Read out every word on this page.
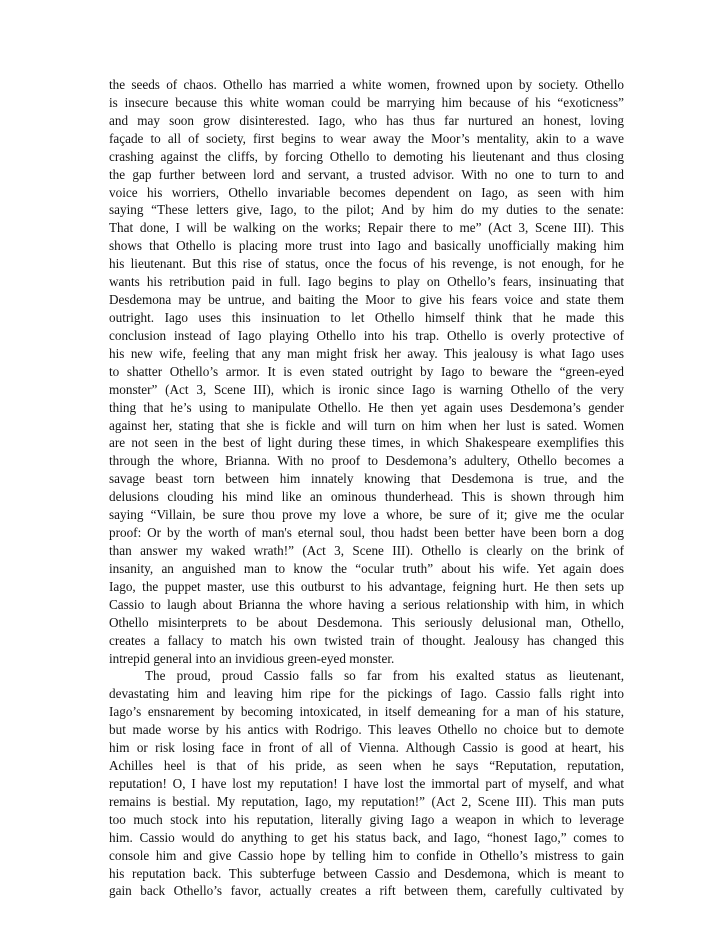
the seeds of chaos. Othello has married a white women, frowned upon by society. Othello
is insecure because this white woman could be marrying him because of his “exoticness”
and may soon grow disinterested. Iago, who has thus far nurtured an honest, loving
façade to all of society, first begins to wear away the Moor’s mentality, akin to a wave
crashing against the cliffs, by forcing Othello to demoting his lieutenant and thus closing
the gap further between lord and servant, a trusted advisor. With no one to turn to and
voice his worriers, Othello invariable becomes dependent on Iago, as seen with him
saying “These letters give, Iago, to the pilot; And by him do my duties to the senate:
That done, I will be walking on the works; Repair there to me” (Act 3, Scene III). This
shows that Othello is placing more trust into Iago and basically unofficially making him
his lieutenant. But this rise of status, once the focus of his revenge, is not enough, for he
wants his retribution paid in full. Iago begins to play on Othello’s fears, insinuating that
Desdemona may be untrue, and baiting the Moor to give his fears voice and state them
outright. Iago uses this insinuation to let Othello himself think that he made this
conclusion instead of Iago playing Othello into his trap. Othello is overly protective of
his new wife, feeling that any man might frisk her away. This jealousy is what Iago uses
to shatter Othello’s armor. It is even stated outright by Iago to beware the “green-eyed
monster” (Act 3, Scene III), which is ironic since Iago is warning Othello of the very
thing that he’s using to manipulate Othello. He then yet again uses Desdemona’s gender
against her, stating that she is fickle and will turn on him when her lust is sated. Women
are not seen in the best of light during these times, in which Shakespeare exemplifies this
through the whore, Brianna. With no proof to Desdemona’s adultery, Othello becomes a
savage beast torn between him innately knowing that Desdemona is true, and the
delusions clouding his mind like an ominous thunderhead. This is shown through him
saying “Villain, be sure thou prove my love a whore, be sure of it; give me the ocular
proof: Or by the worth of man's eternal soul, thou hadst been better have been born a dog
than answer my waked wrath!” (Act 3, Scene III). Othello is clearly on the brink of
insanity, an anguished man to know the “ocular truth” about his wife. Yet again does
Iago, the puppet master, use this outburst to his advantage, feigning hurt. He then sets up
Cassio to laugh about Brianna the whore having a serious relationship with him, in which
Othello misinterprets to be about Desdemona. This seriously delusional man, Othello,
creates a fallacy to match his own twisted train of thought. Jealousy has changed this
intrepid general into an invidious green-eyed monster.
The proud, proud Cassio falls so far from his exalted status as lieutenant,
devastating him and leaving him ripe for the pickings of Iago. Cassio falls right into
Iago’s ensnarement by becoming intoxicated, in itself demeaning for a man of his stature,
but made worse by his antics with Rodrigo. This leaves Othello no choice but to demote
him or risk losing face in front of all of Vienna. Although Cassio is good at heart, his
Achilles heel is that of his pride, as seen when he says “Reputation, reputation,
reputation! O, I have lost my reputation! I have lost the immortal part of myself, and what
remains is bestial. My reputation, Iago, my reputation!” (Act 2, Scene III). This man puts
too much stock into his reputation, literally giving Iago a weapon in which to leverage
him. Cassio would do anything to get his status back, and Iago, “honest Iago,” comes to
console him and give Cassio hope by telling him to confide in Othello’s mistress to gain
his reputation back. This subterfuge between Cassio and Desdemona, which is meant to
gain back Othello’s favor, actually creates a rift between them, carefully cultivated by
